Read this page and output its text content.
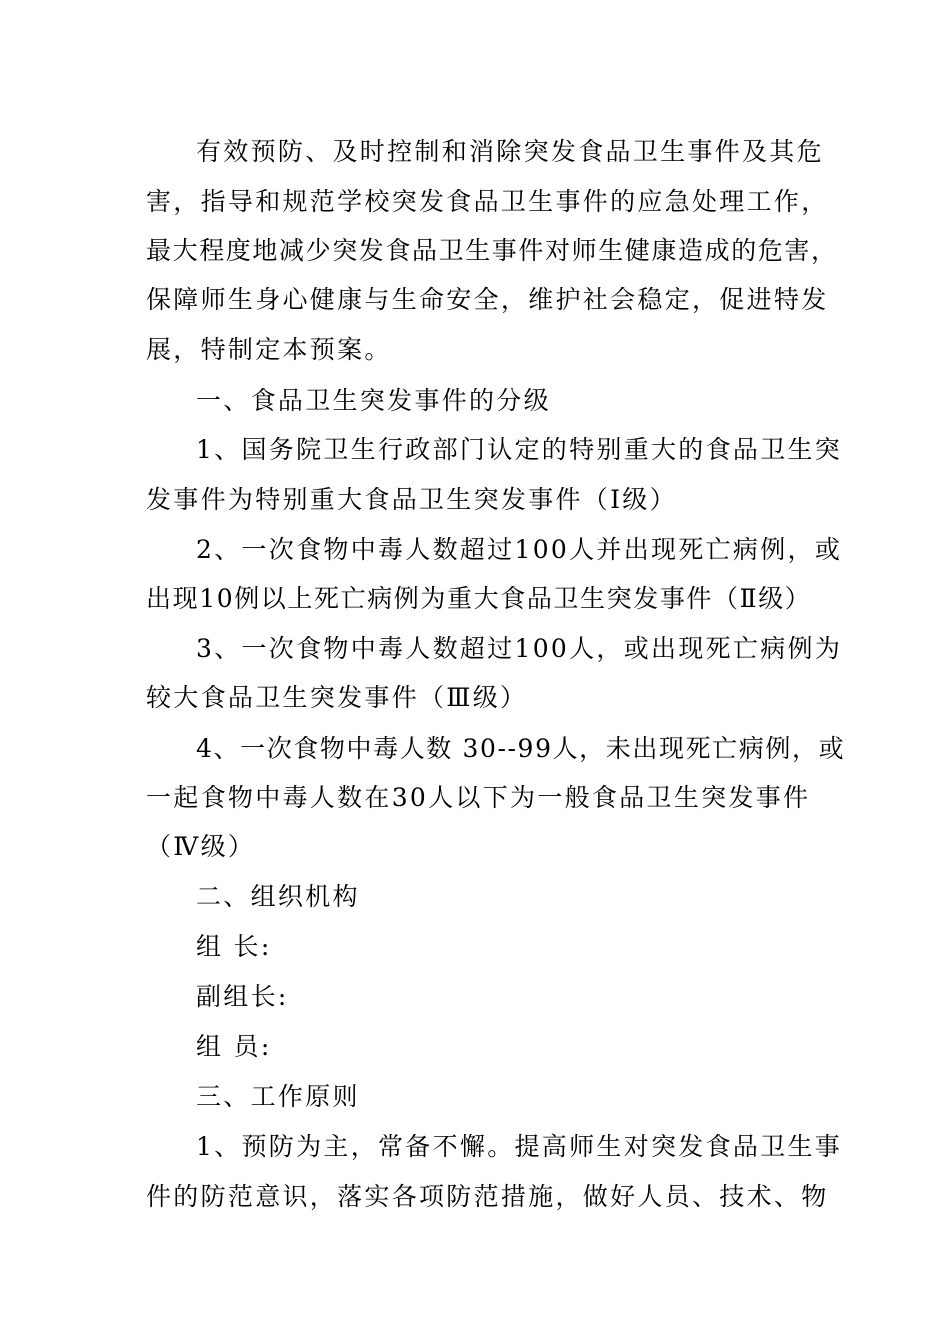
有效预防、及时控制和消除突发食品卫生事件及其危
害，指导和规范学校突发食品卫生事件的应急处理工作，
最大程度地减少突发食品卫生事件对师生健康造成的危害，
保障师生身心健康与生命安全，维护社会稳定，促进特发
展，特制定本预案。
一、食品卫生突发事件的分级
1、国务院卫生行政部门认定的特别重大的食品卫生突
发事件为特别重大食品卫生突发事件（Ⅰ级）
2、一次食物中毒人数超过100人并出现死亡病例，或
出现10例以上死亡病例为重大食品卫生突发事件（Ⅱ级）
3、一次食物中毒人数超过100人，或出现死亡病例为
较大食品卫生突发事件（Ⅲ级）
4、一次食物中毒人数 30--99人，未出现死亡病例，或
一起食物中毒人数在30人以下为一般食品卫生突发事件
（Ⅳ级）
二、组织机构
组 长:
副组长:
组 员:
三、工作原则
1、预防为主，常备不懈。提高师生对突发食品卫生事
件的防范意识，落实各项防范措施，做好人员、技术、物
